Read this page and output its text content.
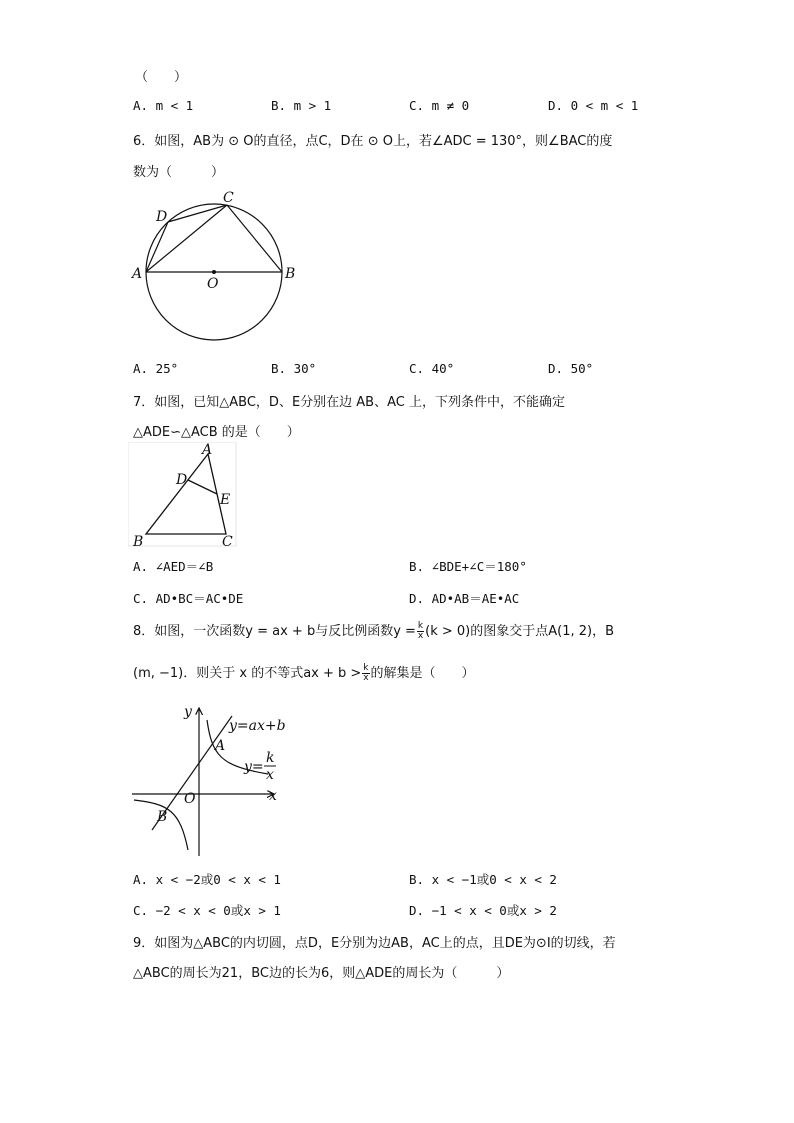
（　　）
A. m < 1	B. m > 1	C. m ≠ 0	D. 0 < m < 1
6．如图，AB为 ⊙ O的直径，点C，D在 ⊙ O上，若∠ADC = 130°，则∠BAC的度
数为（　　　）
A	B
C
D
O
A. 25°	B. 30°	C. 40°	D. 50°
7．如图，已知△ABC，D、E分别在边 AB、AC 上，下列条件中，不能确定
△ADE∽△ACB 的是（　　）
A
B	C
D
E
A. ∠AED＝∠B	B. ∠BDE+∠C＝180°
C. AD•BC＝AC•DE	D. AD•AB＝AE•AC
8．如图，一次函数y = ax + b与反比例函数$y = \frac{k}{x} (k > 0)$的图象交于点A(1, 2)，B
(m, −1)．则关于 x 的不等式ax + $b > \frac{k}{x}$ 的解集是（　　）
y
x
y=ax+b
A
B
O
y=
k
x
A. x < −2或0 < x < 1	B. x < −1或0 < x < 2
C. −2 < x < 0或x > 1	D. −1 < x < 0或x > 2
9．如图为△ABC的内切圆，点D，E分别为边AB，AC上的点，且DE为⊙I的切线，若
△ABC的周长为21，BC边的长为6，则△ADE的周长为（　　　）
